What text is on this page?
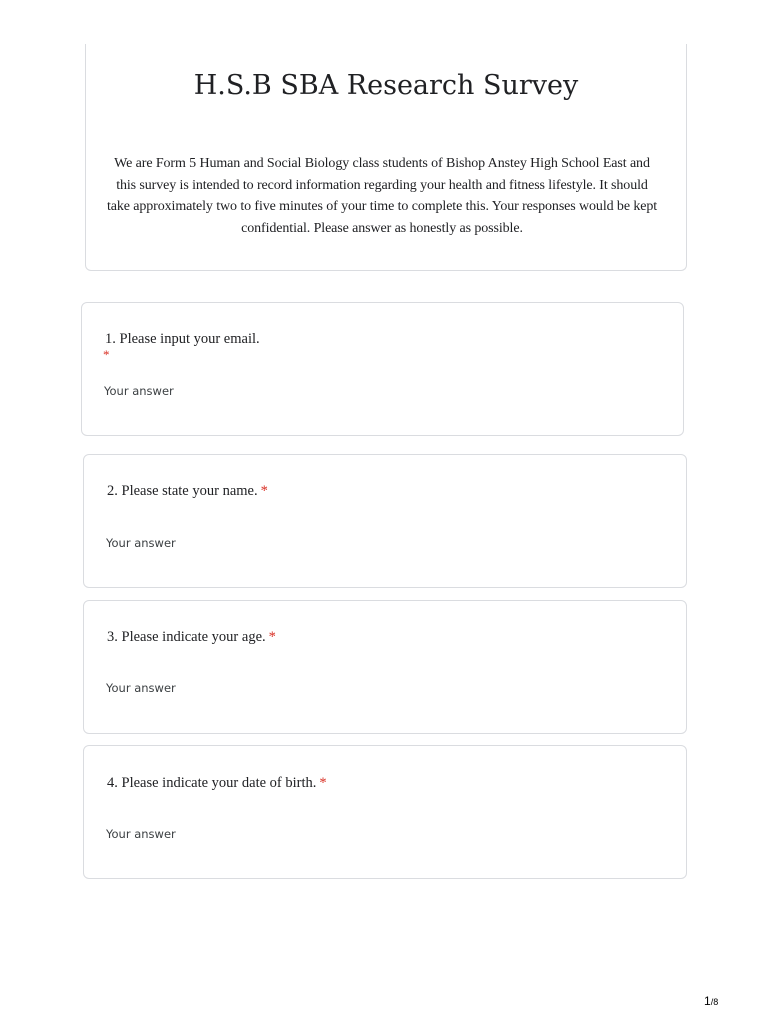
H.S.B SBA Research Survey
We are Form 5 Human and Social Biology class students of Bishop Anstey High School East and this survey is intended to record information regarding your health and fitness lifestyle. It should take approximately two to five minutes of your time to complete this. Your responses would be kept confidential. Please answer as honestly as possible.
1. Please input your email.
*
Your answer
2. Please state your name. *
Your answer
3. Please indicate your age. *
Your answer
4. Please indicate your date of birth. *
Your answer
1/8
